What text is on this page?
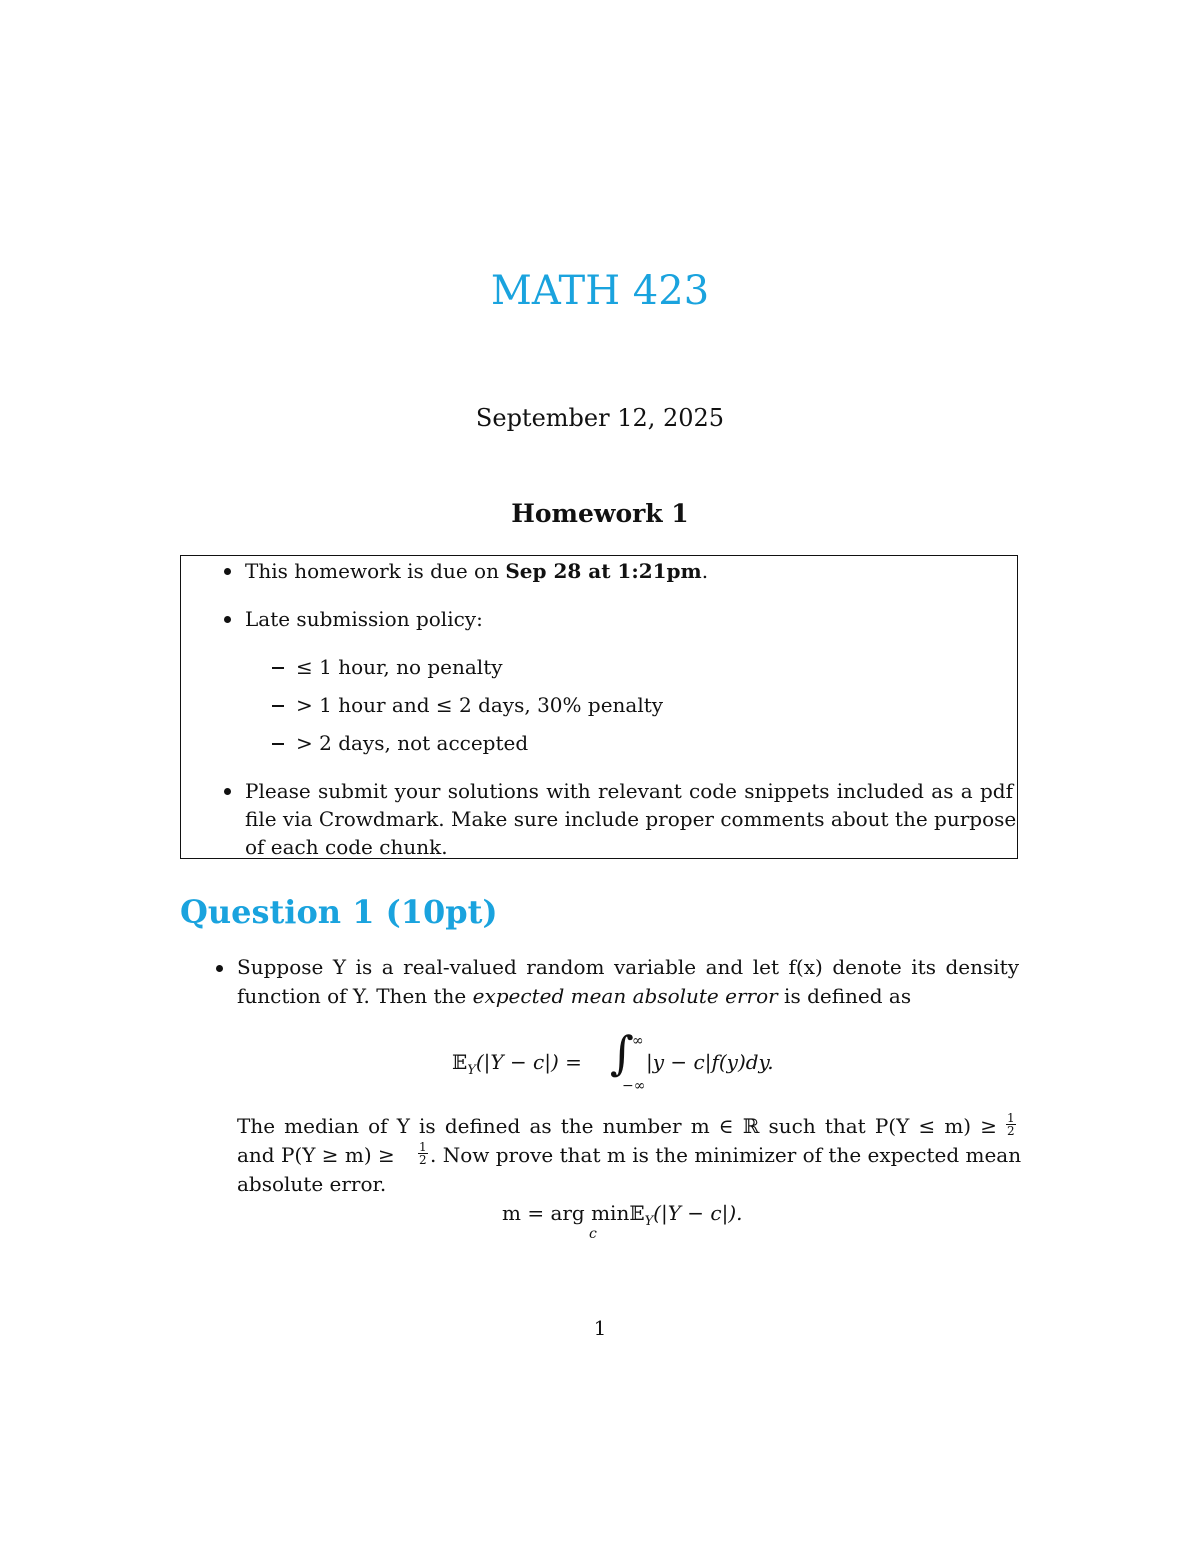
MATH 423
September 12, 2025
Homework 1
This homework is due on Sep 28 at 1:21pm.
Late submission policy:
≤ 1 hour, no penalty
> 1 hour and ≤ 2 days, 30% penalty
> 2 days, not accepted
Please submit your solutions with relevant code snippets included as a pdf
file via Crowdmark. Make sure include proper comments about the purpose
of each code chunk.
Question 1 (10pt)
Suppose Y is a real-valued random variable and let f(x) denote its density
function of Y. Then the expected mean absolute error is defined as
𝔼$_Y$(|Y − c|) = ∫
∞
−∞
|y − c|f(y)dy.
The median of Y is defined as the number m ∈ ℝ such that $P(Y \le m) \ge \frac{1}{2}$
and $P(Y \ge m) \ge \frac{1}{2}$ . Now prove that m is the minimizer of the expected mean
absolute error.
m = arg min𝔼$_Y$(|Y − c|).
c
1
